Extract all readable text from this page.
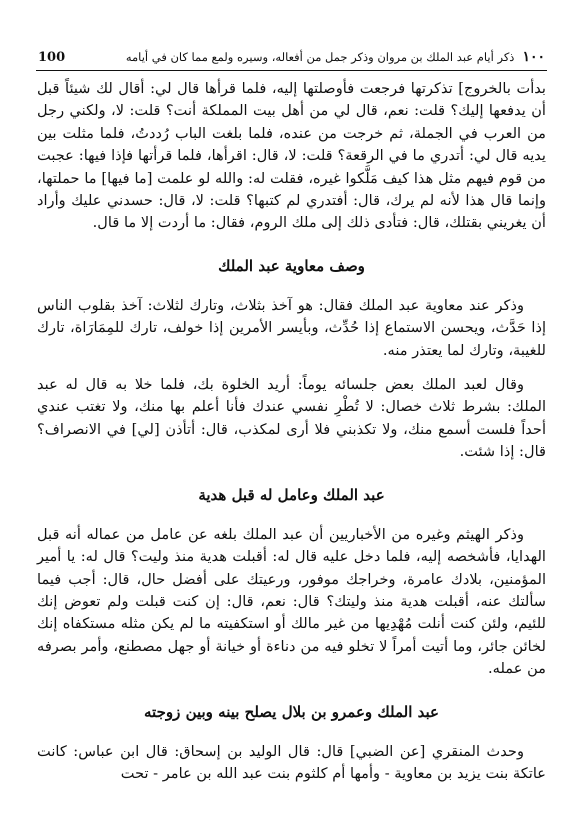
100	١٠٠
ذكر أيام عبد الملك بن مروان وذكر جمل من أفعاله، وسيره ولمع مما كان في أيامه

بدأت بالخروج] تذكرتها فرجعت فأوصلتها إليه، فلما قرأها قال لي: أقال لك شيئاً قبل أن يدفعها إليك؟ قلت: نعم، قال لي من أهل بيت المملكة أنت؟ قلت: لا، ولكني رجل من العرب في الجملة، ثم خرجت من عنده، فلما بلغت الباب رُددتُ، فلما مثلت بين يديه قال لي: أتدري ما في الرقعة؟ قلت: لا، قال: اقرأها، فلما قرأتها فإذا فيها: عجبت من قوم فيهم مثل هذا كيف مَلَّكوا غيره، فقلت له: والله لو علمت [ما فيها] ما حملتها، وإنما قال هذا لأنه لم يرك، قال: أفتدري لم كتبها؟ قلت: لا، قال: حسدني عليك وأراد أن يغريني بقتلك، قال: فتأدى ذلك إلى ملك الروم، فقال: ما أردت إلا ما قال.

وصف معاوية عبد الملك

وذكر عند معاوية عبد الملك فقال: هو آخذ بثلاث، وتارك لثلاث: آخذ بقلوب الناس إذا حَدَّث، ويحسن الاستماع إذا حُدِّث، وبأيسر الأمرين إذا خولف، تارك للمِمَارَاة، تارك للغيبة، وتارك لما يعتذر منه.

وقال لعبد الملك بعض جلسائه يوماً: أريد الخلوة بك، فلما خلا به قال له عبد الملك: بشرط ثلاث خصال: لا تُطْرِ نفسي عندك فأنا أعلم بها منك، ولا تغتب عندي أحداً فلست أسمع منك، ولا تكذبني فلا أرى لمكذب، قال: أتأذن [لي] في الانصراف؟ قال: إذا شئت.

عبد الملك وعامل له قبل هدية

وذكر الهيثم وغيره من الأخباريين أن عبد الملك بلغه عن عامل من عماله أنه قبل الهدايا، فأشخصه إليه، فلما دخل عليه قال له: أقبلت هدية منذ وليت؟ قال له: يا أمير المؤمنين، بلادك عامرة، وخراجك موفور، ورعيتك على أفضل حال، قال: أجب فيما سألتك عنه، أقبلت هدية منذ وليتك؟ قال: نعم، قال: إن كنت قبلت ولم تعوض إنك للئيم، ولئن كنت أنلت مُهْدِيها من غير مالك أو استكفيته ما لم يكن مثله مستكفاه إنك لخائن جائر، وما أتيت أمراً لا تخلو فيه من دناءة أو خيانة أو جهل مصطنع، وأمر بصرفه من عمله.

عبد الملك وعمرو بن بلال يصلح بينه وبين زوجته

وحدث المنقري [عن الضبي] قال: قال الوليد بن إسحاق: قال ابن عباس: كانت عاتكة بنت يزيد بن معاوية - وأمها أم كلثوم بنت عبد الله بن عامر - تحت
